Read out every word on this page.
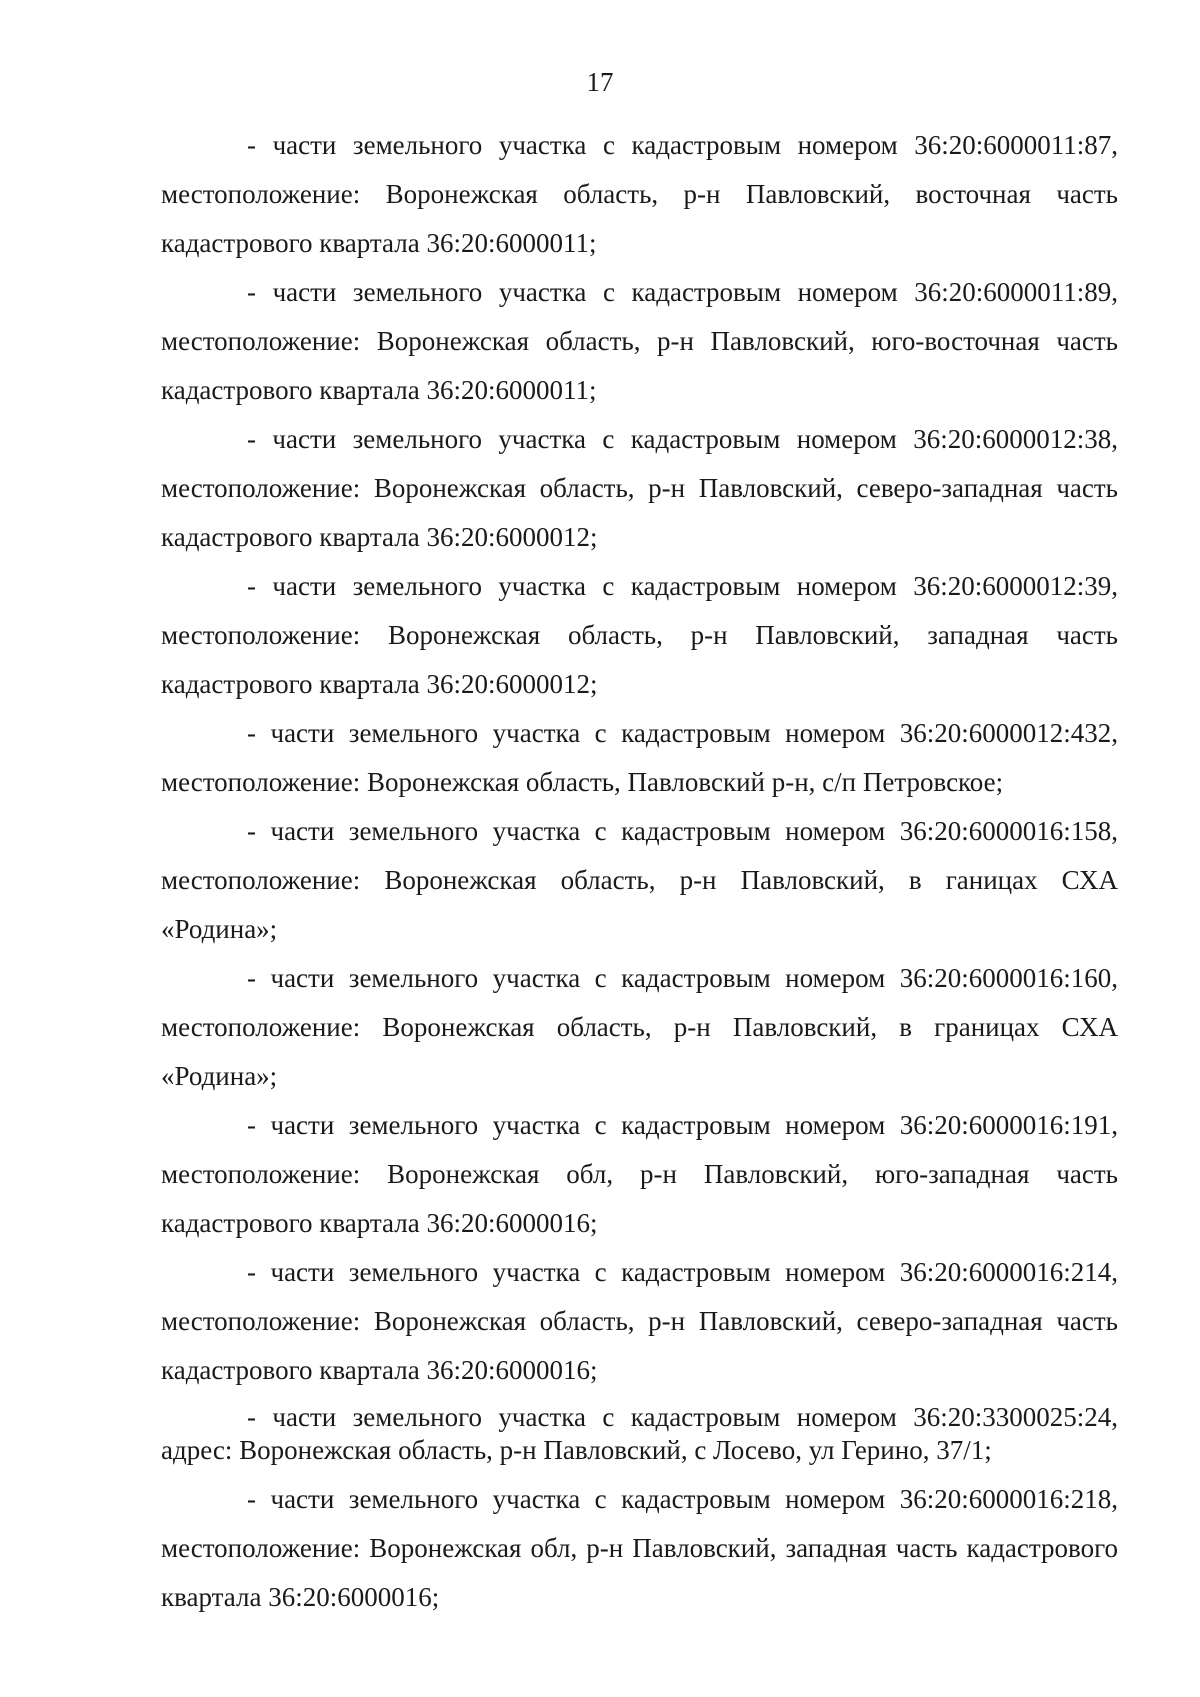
17

- части земельного участка с кадастровым номером 36:20:6000011:87, местоположение: Воронежская область, р-н Павловский, восточная часть кадастрового квартала 36:20:6000011;

- части земельного участка с кадастровым номером 36:20:6000011:89, местоположение: Воронежская область, р-н Павловский, юго-восточная часть кадастрового квартала 36:20:6000011;

- части земельного участка с кадастровым номером 36:20:6000012:38, местоположение: Воронежская область, р-н Павловский, северо-западная часть кадастрового квартала 36:20:6000012;

- части земельного участка с кадастровым номером 36:20:6000012:39, местоположение: Воронежская область, р-н Павловский, западная часть кадастрового квартала 36:20:6000012;

- части земельного участка с кадастровым номером 36:20:6000012:432, местоположение: Воронежская область, Павловский р-н, с/п Петровское;

- части земельного участка с кадастровым номером 36:20:6000016:158, местоположение: Воронежская область, р-н Павловский, в ганицах СХА «Родина»;

- части земельного участка с кадастровым номером 36:20:6000016:160, местоположение: Воронежская область, р-н Павловский, в границах СХА «Родина»;

- части земельного участка с кадастровым номером 36:20:6000016:191, местоположение: Воронежская обл, р-н Павловский, юго-западная часть кадастрового квартала 36:20:6000016;

- части земельного участка с кадастровым номером 36:20:6000016:214, местоположение: Воронежская область, р-н Павловский, северо-западная часть кадастрового квартала 36:20:6000016;

- части земельного участка с кадастровым номером 36:20:3300025:24, адрес: Воронежская область, р-н Павловский, с Лосево, ул Герино, 37/1;

- части земельного участка с кадастровым номером 36:20:6000016:218, местоположение: Воронежская обл, р-н Павловский, западная часть кадастрового квартала 36:20:6000016;
